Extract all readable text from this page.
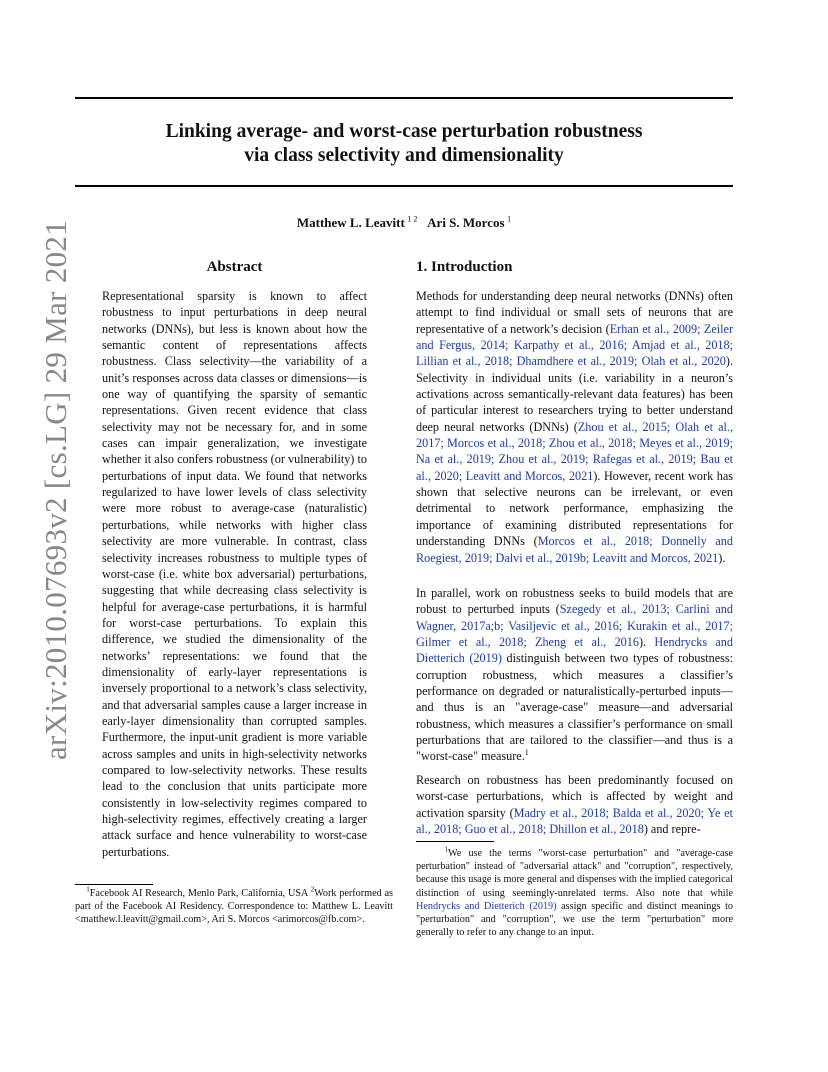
arXiv:2010.07693v2 [cs.LG] 29 Mar 2021
Linking average- and worst-case perturbation robustness
via class selectivity and dimensionality
Matthew L. Leavitt  $^{1 2}$ Ari S. Morcos  $^1$
Abstract
Representational sparsity is known to affect robustness to input perturbations in deep neural networks (DNNs), but less is known about how the semantic content of representations affects robustness. Class selectivity—the variability of a unit’s responses across data classes or dimensions—is one way of quantifying the sparsity of semantic representations. Given recent evidence that class selectivity may not be necessary for, and in some cases can impair generalization, we investigate whether it also confers robustness (or vulnerability) to perturbations of input data. We found that networks regularized to have lower levels of class selectivity were more robust to average-case (naturalistic) perturbations, while networks with higher class selectivity are more vulnerable. In contrast, class selectivity increases robustness to multiple types of worst-case (i.e. white box adversarial) perturbations, suggesting that while decreasing class selectivity is helpful for average-case perturbations, it is harmful for worst-case perturbations. To explain this difference, we studied the dimensionality of the networks’ representations: we found that the dimensionality of early-layer representations is inversely proportional to a network’s class selectivity, and that adversarial samples cause a larger increase in early-layer dimensionality than corrupted samples. Furthermore, the input-unit gradient is more variable across samples and units in high-selectivity networks compared to low-selectivity networks. These results lead to the conclusion that units participate more consistently in low-selectivity regimes compared to high-selectivity regimes, effectively creating a larger attack surface and hence vulnerability to worst-case perturbations.
$^1$Facebook AI Research, Menlo Park, California, USA $^2$Work performed as part of the Facebook AI Residency. Correspondence to: Matthew L. Leavitt <matthew.l.leavitt@gmail.com>, Ari S. Morcos <arimorcos@fb.com>.
1. Introduction
Methods for understanding deep neural networks (DNNs) often attempt to find individual or small sets of neurons that are representative of a network’s decision (Erhan et al., 2009; Zeiler and Fergus, 2014; Karpathy et al., 2016; Amjad et al., 2018; Lillian et al., 2018; Dhamdhere et al., 2019; Olah et al., 2020). Selectivity in individual units (i.e. variability in a neuron’s activations across semantically-relevant data features) has been of particular interest to researchers trying to better understand deep neural networks (DNNs) (Zhou et al., 2015; Olah et al., 2017; Morcos et al., 2018; Zhou et al., 2018; Meyes et al., 2019; Na et al., 2019; Zhou et al., 2019; Rafegas et al., 2019; Bau et al., 2020; Leavitt and Morcos, 2021). However, recent work has shown that selective neurons can be irrelevant, or even detrimental to network performance, emphasizing the importance of examining distributed representations for understanding DNNs (Morcos et al., 2018; Donnelly and Roegiest, 2019; Dalvi et al., 2019b; Leavitt and Morcos, 2021).
In parallel, work on robustness seeks to build models that are robust to perturbed inputs (Szegedy et al., 2013; Carlini and Wagner, 2017a;b; Vasiljevic et al., 2016; Kurakin et al., 2017; Gilmer et al., 2018; Zheng et al., 2016). Hendrycks and Dietterich (2019) distinguish between two types of robustness: corruption robustness, which measures a classifier’s performance on degraded or naturalistically-perturbed inputs—and thus is an "average-case" measure—and adversarial robustness, which measures a classifier’s performance on small perturbations that are tailored to the classifier—and thus is a "worst-case" measure.$^1$
Research on robustness has been predominantly focused on worst-case perturbations, which is affected by weight and activation sparsity (Madry et al., 2018; Balda et al., 2020; Ye et al., 2018; Guo et al., 2018; Dhillon et al., 2018) and repre-
$^1$We use the terms "worst-case perturbation" and "average-case perturbation" instead of "adversarial attack" and "corruption", respectively, because this usage is more general and dispenses with the implied categorical distinction of using seemingly-unrelated terms. Also note that while Hendrycks and Dietterich (2019) assign specific and distinct meanings to "perturbation" and "corruption", we use the term "perturbation" more generally to refer to any change to an input.
